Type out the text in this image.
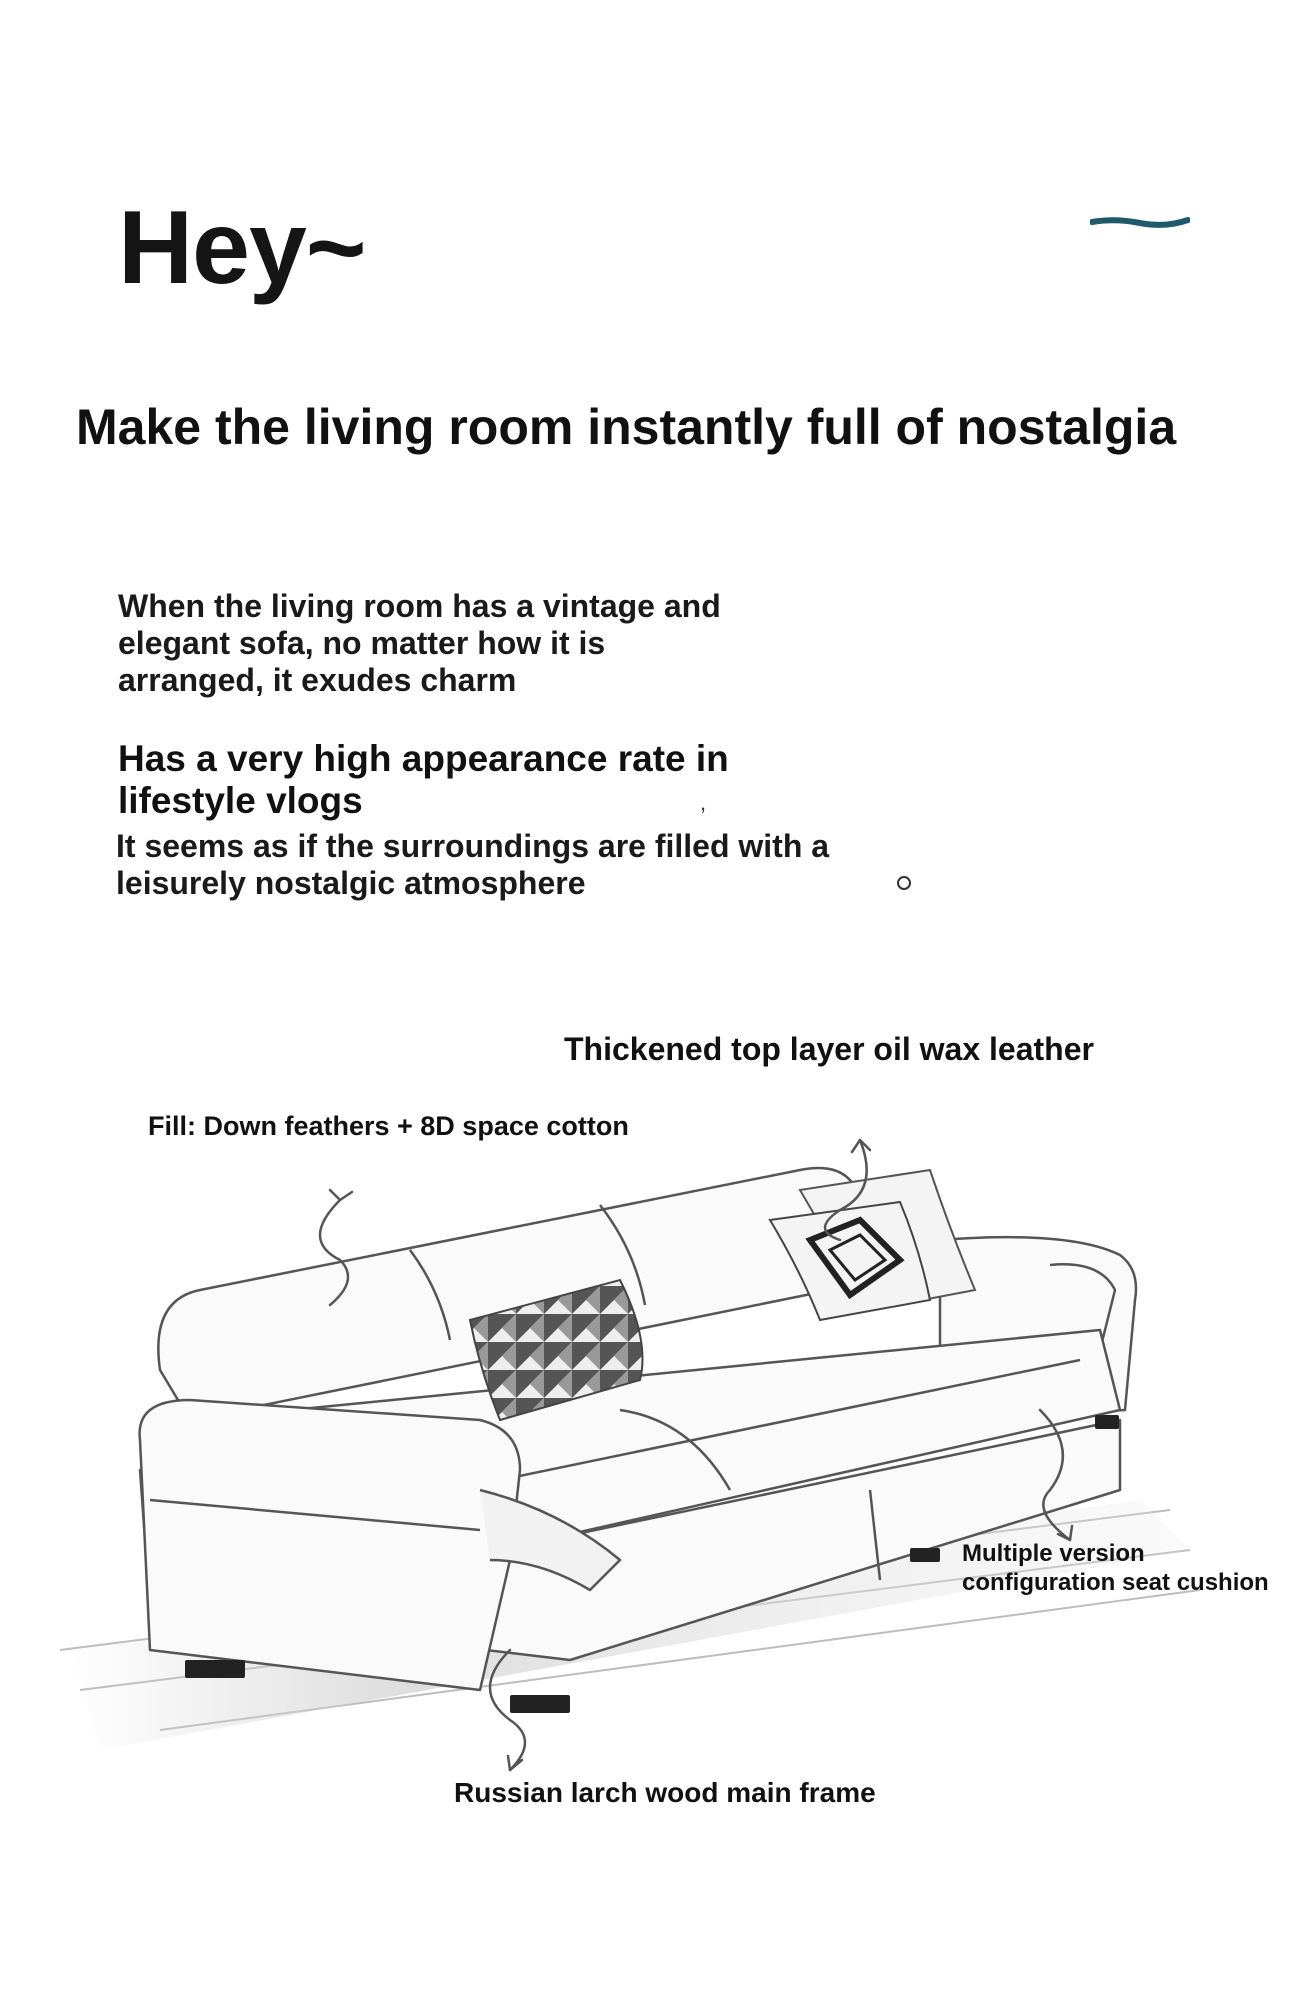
Hey~
Make the living room instantly full of nostalgia
When the living room has a vintage and elegant sofa, no matter how it is arranged, it exudes charm
Has a very high appearance rate in lifestyle vlogs	,
It seems as if the surroundings are filled with a leisurely nostalgic atmosphere
Thickened top layer oil wax leather
Fill: Down feathers + 8D space cotton
Multiple version configuration seat cushion
Russian larch wood main frame
